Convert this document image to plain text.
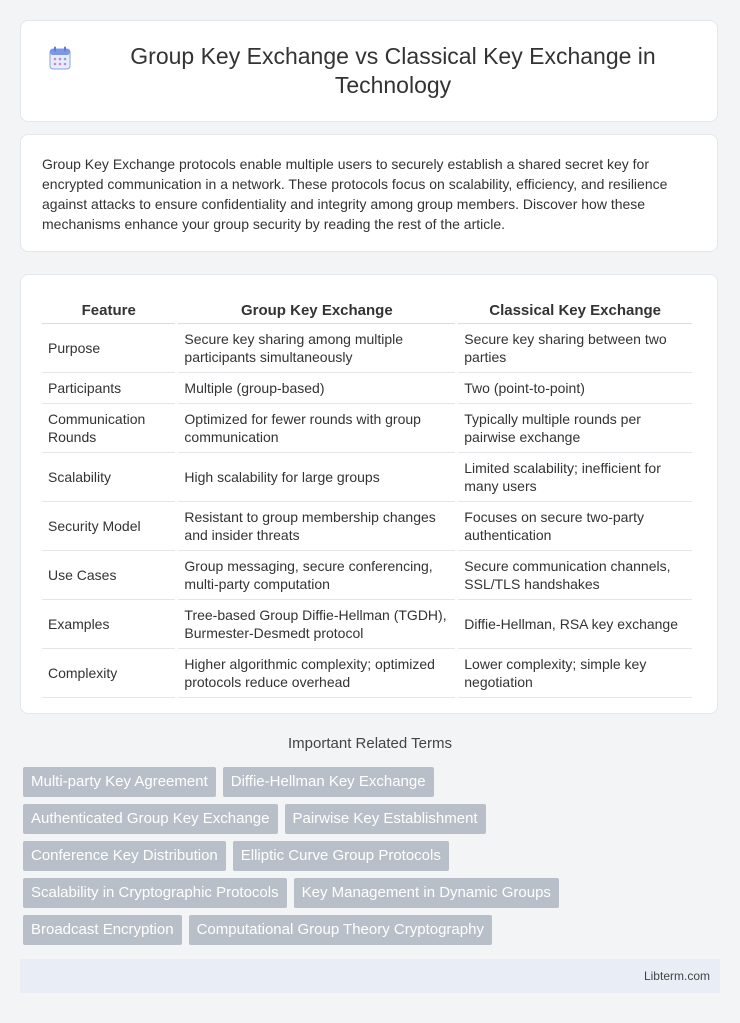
Group Key Exchange vs Classical Key Exchange in Technology

Group Key Exchange protocols enable multiple users to securely establish a shared secret key for encrypted communication in a network. These protocols focus on scalability, efficiency, and resilience against attacks to ensure confidentiality and integrity among group members. Discover how these mechanisms enhance your group security by reading the rest of the article.

Feature	Group Key Exchange	Classical Key Exchange
Purpose	Secure key sharing among multiple participants simultaneously	Secure key sharing between two parties
Participants	Multiple (group-based)	Two (point-to-point)
Communication Rounds	Optimized for fewer rounds with group communication	Typically multiple rounds per pairwise exchange
Scalability	High scalability for large groups	Limited scalability; inefficient for many users
Security Model	Resistant to group membership changes and insider threats	Focuses on secure two-party authentication
Use Cases	Group messaging, secure conferencing, multi-party computation	Secure communication channels, SSL/TLS handshakes
Examples	Tree-based Group Diffie-Hellman (TGDH), Burmester-Desmedt protocol	Diffie-Hellman, RSA key exchange
Complexity	Higher algorithmic complexity; optimized protocols reduce overhead	Lower complexity; simple key negotiation
Important Related Terms
Multi-party Key Agreement	Diffie-Hellman Key Exchange
Authenticated Group Key Exchange	Pairwise Key Establishment
Conference Key Distribution	Elliptic Curve Group Protocols
Scalability in Cryptographic Protocols	Key Management in Dynamic Groups
Broadcast Encryption	Computational Group Theory Cryptography
Libterm.com
